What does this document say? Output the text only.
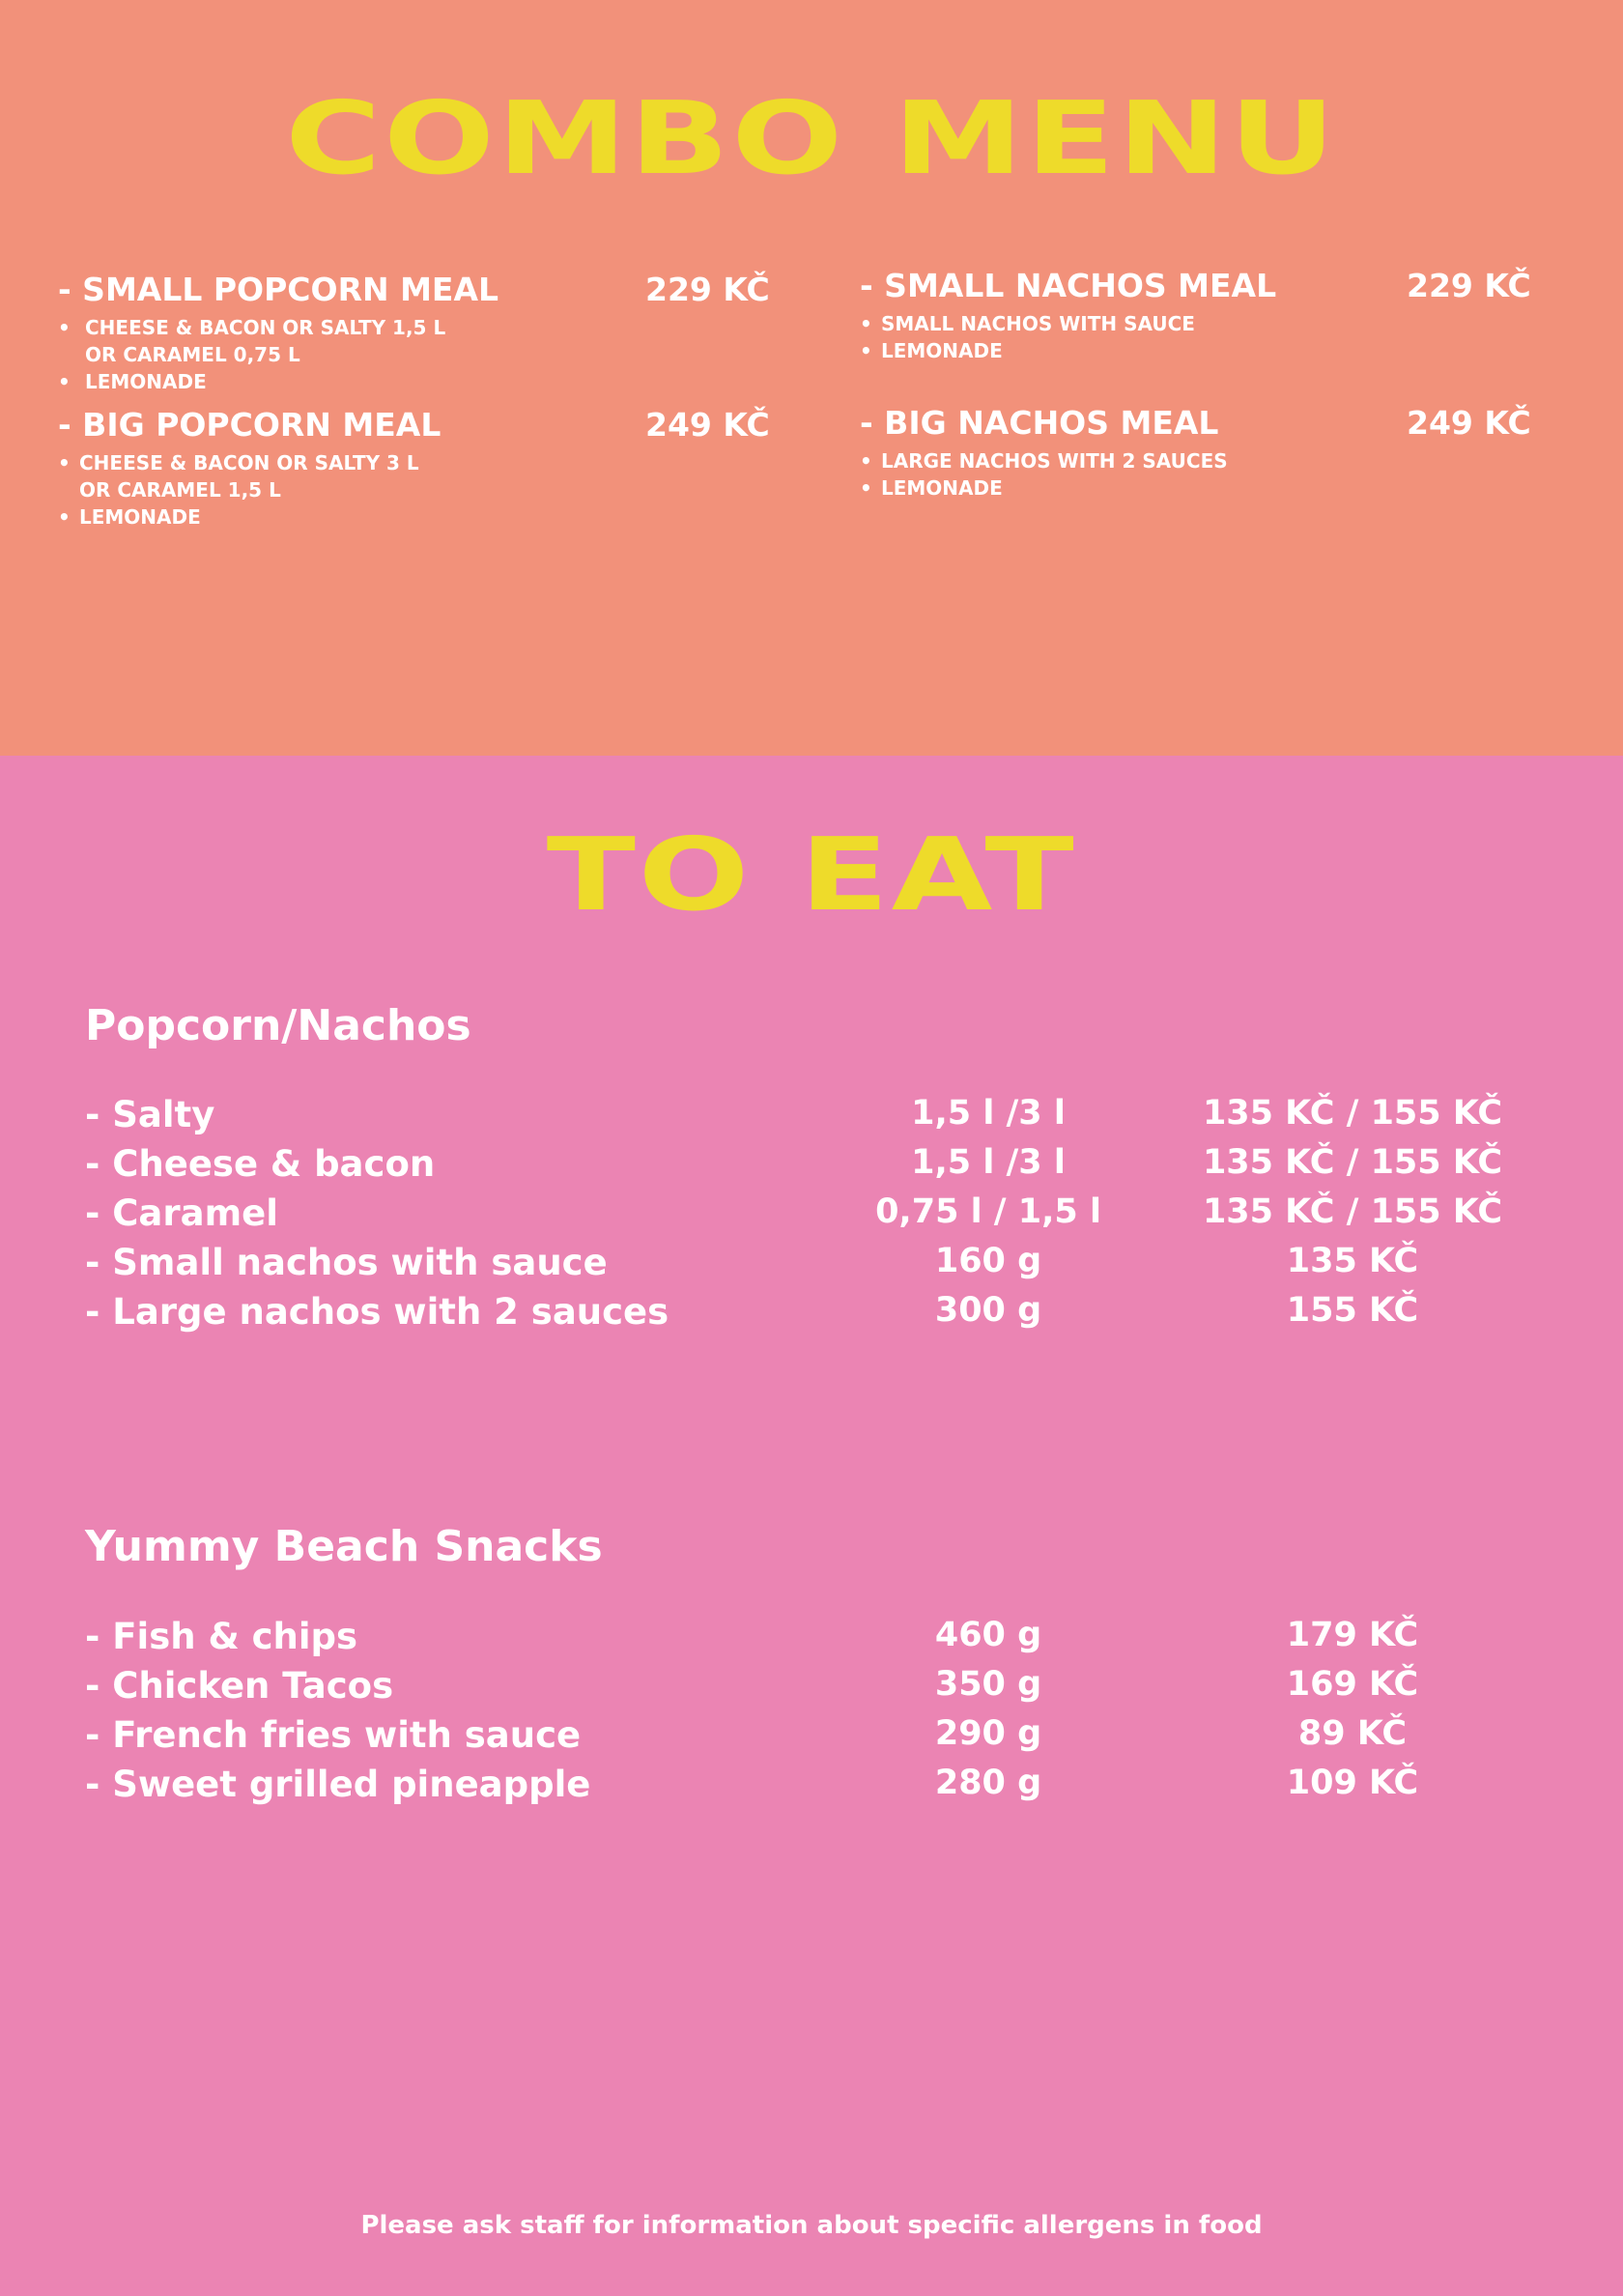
COMBO MENU
- SMALL POPCORN MEAL	229 KČ
• CHEESE & BACON OR SALTY 1,5 L
OR CARAMEL 0,75 L
• LEMONADE
- BIG POPCORN MEAL	249 KČ
• CHEESE & BACON OR SALTY 3 L
OR CARAMEL 1,5 L
• LEMONADE
- SMALL NACHOS MEAL	229 KČ
• SMALL NACHOS WITH SAUCE
• LEMONADE
- BIG NACHOS MEAL	249 KČ
• LARGE NACHOS WITH 2 SAUCES
• LEMONADE
TO EAT
Popcorn/Nachos
- Salty	1,5 l /3 l	135 KČ / 155 KČ
- Cheese & bacon	1,5 l /3 l	135 KČ / 155 KČ
- Caramel	0,75 l / 1,5 l	135 KČ / 155 KČ
- Small nachos with sauce	160 g	135 KČ
- Large nachos with 2 sauces	300 g	155 KČ
Yummy Beach Snacks
- Fish & chips	460 g	179 KČ
- Chicken Tacos	350 g	169 KČ
- French fries with sauce	290 g	89 KČ
- Sweet grilled pineapple	280 g	109 KČ

Please ask staff for information about specific allergens in food
